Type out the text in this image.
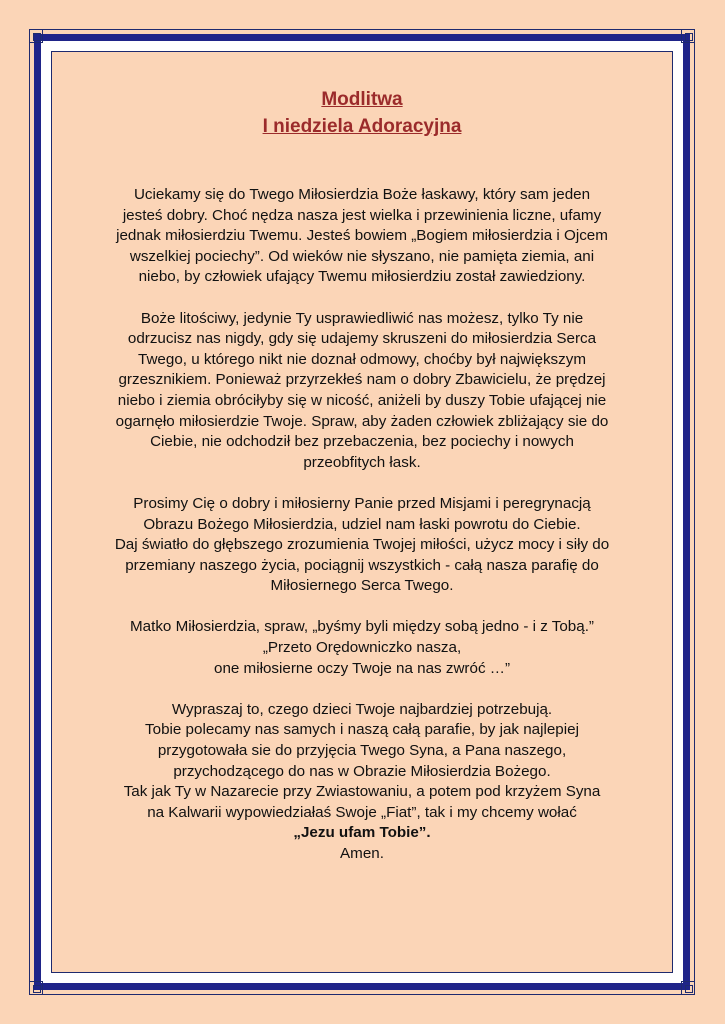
Modlitwa
I niedziela Adoracyjna

Uciekamy się do Twego Miłosierdzia Boże łaskawy, który sam jeden
jesteś dobry. Choć nędza nasza jest wielka i przewinienia liczne, ufamy
jednak miłosierdziu Twemu. Jesteś bowiem „Bogiem miłosierdzia i Ojcem
wszelkiej pociechy”. Od wieków nie słyszano, nie pamięta ziemia, ani
niebo, by człowiek ufający Twemu miłosierdziu został zawiedziony.

Boże litościwy, jedynie Ty usprawiedliwić nas możesz, tylko Ty nie
odrzucisz nas nigdy, gdy się udajemy skruszeni do miłosierdzia Serca
Twego, u którego nikt nie doznał odmowy, choćby był największym
grzesznikiem. Ponieważ przyrzekłeś nam o dobry Zbawicielu, że prędzej
niebo i ziemia obróciłyby się w nicość, aniżeli by duszy Tobie ufającej nie
ogarnęło miłosierdzie Twoje. Spraw, aby żaden człowiek zbliżający sie do
Ciebie, nie odchodził bez przebaczenia, bez pociechy i nowych
przeobfitych łask.

Prosimy Cię o dobry i miłosierny Panie przed Misjami i peregrynacją
Obrazu Bożego Miłosierdzia, udziel nam łaski powrotu do Ciebie.
Daj światło do głębszego zrozumienia Twojej miłości, użycz mocy i siły do
przemiany naszego życia, pociągnij wszystkich - całą nasza parafię do
Miłosiernego Serca Twego.

Matko Miłosierdzia, spraw, „byśmy byli między sobą jedno - i z Tobą.”
„Przeto Orędowniczko nasza,
one miłosierne oczy Twoje na nas zwróć …”

Wypraszaj to, czego dzieci Twoje najbardziej potrzebują.
Tobie polecamy nas samych i naszą całą parafie, by jak najlepiej
przygotowała sie do przyjęcia Twego Syna, a Pana naszego,
przychodzącego do nas w Obrazie Miłosierdzia Bożego.
Tak jak Ty w Nazarecie przy Zwiastowaniu, a potem pod krzyżem Syna
na Kalwarii wypowiedziałaś Swoje „Fiat”, tak i my chcemy wołać
„Jezu ufam Tobie”.
Amen.
